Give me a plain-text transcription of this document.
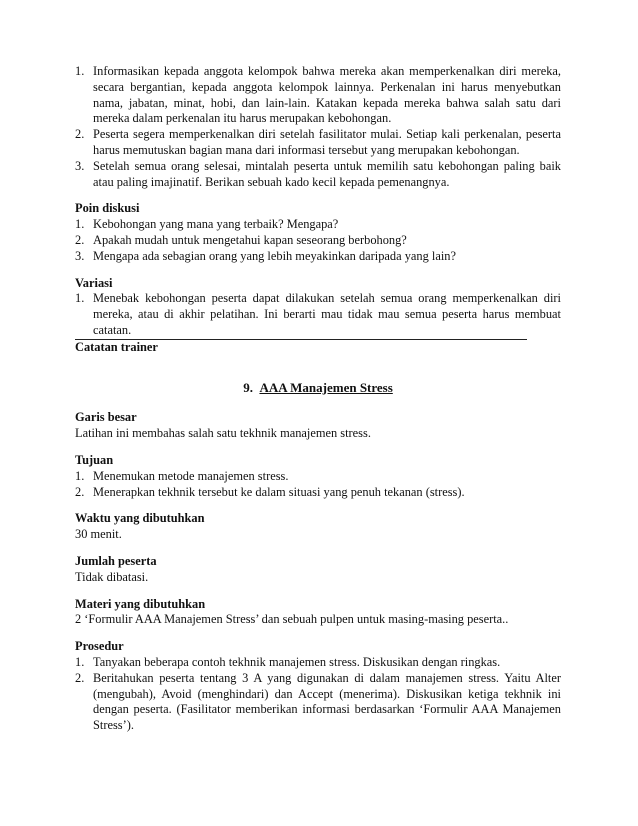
1. Informasikan kepada anggota kelompok bahwa mereka akan memperkenalkan diri mereka, secara bergantian, kepada anggota kelompok lainnya. Perkenalan ini harus menyebutkan nama, jabatan, minat, hobi, dan lain-lain. Katakan kepada mereka bahwa salah satu dari mereka dalam perkenalan itu harus merupakan kebohongan.
2. Peserta segera memperkenalkan diri setelah fasilitator mulai. Setiap kali perkenalan, peserta harus memutuskan bagian mana dari informasi tersebut yang merupakan kebohongan.
3. Setelah semua orang selesai, mintalah peserta untuk memilih satu kebohongan paling baik atau paling imajinatif. Berikan sebuah kado kecil kepada pemenangnya.
Poin diskusi
1. Kebohongan yang mana yang terbaik? Mengapa?
2. Apakah mudah untuk mengetahui kapan seseorang berbohong?
3. Mengapa ada sebagian orang yang lebih meyakinkan daripada yang lain?
Variasi
1. Menebak kebohongan peserta dapat dilakukan setelah semua orang memperkenalkan diri mereka, atau di akhir pelatihan. Ini berarti mau tidak mau semua peserta harus membuat catatan.
Catatan trainer
9. AAA Manajemen Stress
Garis besar
Latihan ini membahas salah satu tekhnik manajemen stress.
Tujuan
1. Menemukan metode manajemen stress.
2. Menerapkan tekhnik tersebut ke dalam situasi yang penuh tekanan (stress).
Waktu yang dibutuhkan
30 menit.
Jumlah peserta
Tidak dibatasi.
Materi yang dibutuhkan
2 ‘Formulir AAA Manajemen Stress’ dan sebuah pulpen untuk masing-masing peserta..
Prosedur
1. Tanyakan beberapa contoh tekhnik manajemen stress. Diskusikan dengan ringkas.
2. Beritahukan peserta tentang 3 A yang digunakan di dalam manajemen stress. Yaitu Alter (mengubah), Avoid (menghindari) dan Accept (menerima). Diskusikan ketiga tekhnik ini dengan peserta. (Fasilitator memberikan informasi berdasarkan ‘Formulir AAA Manajemen Stress’).
